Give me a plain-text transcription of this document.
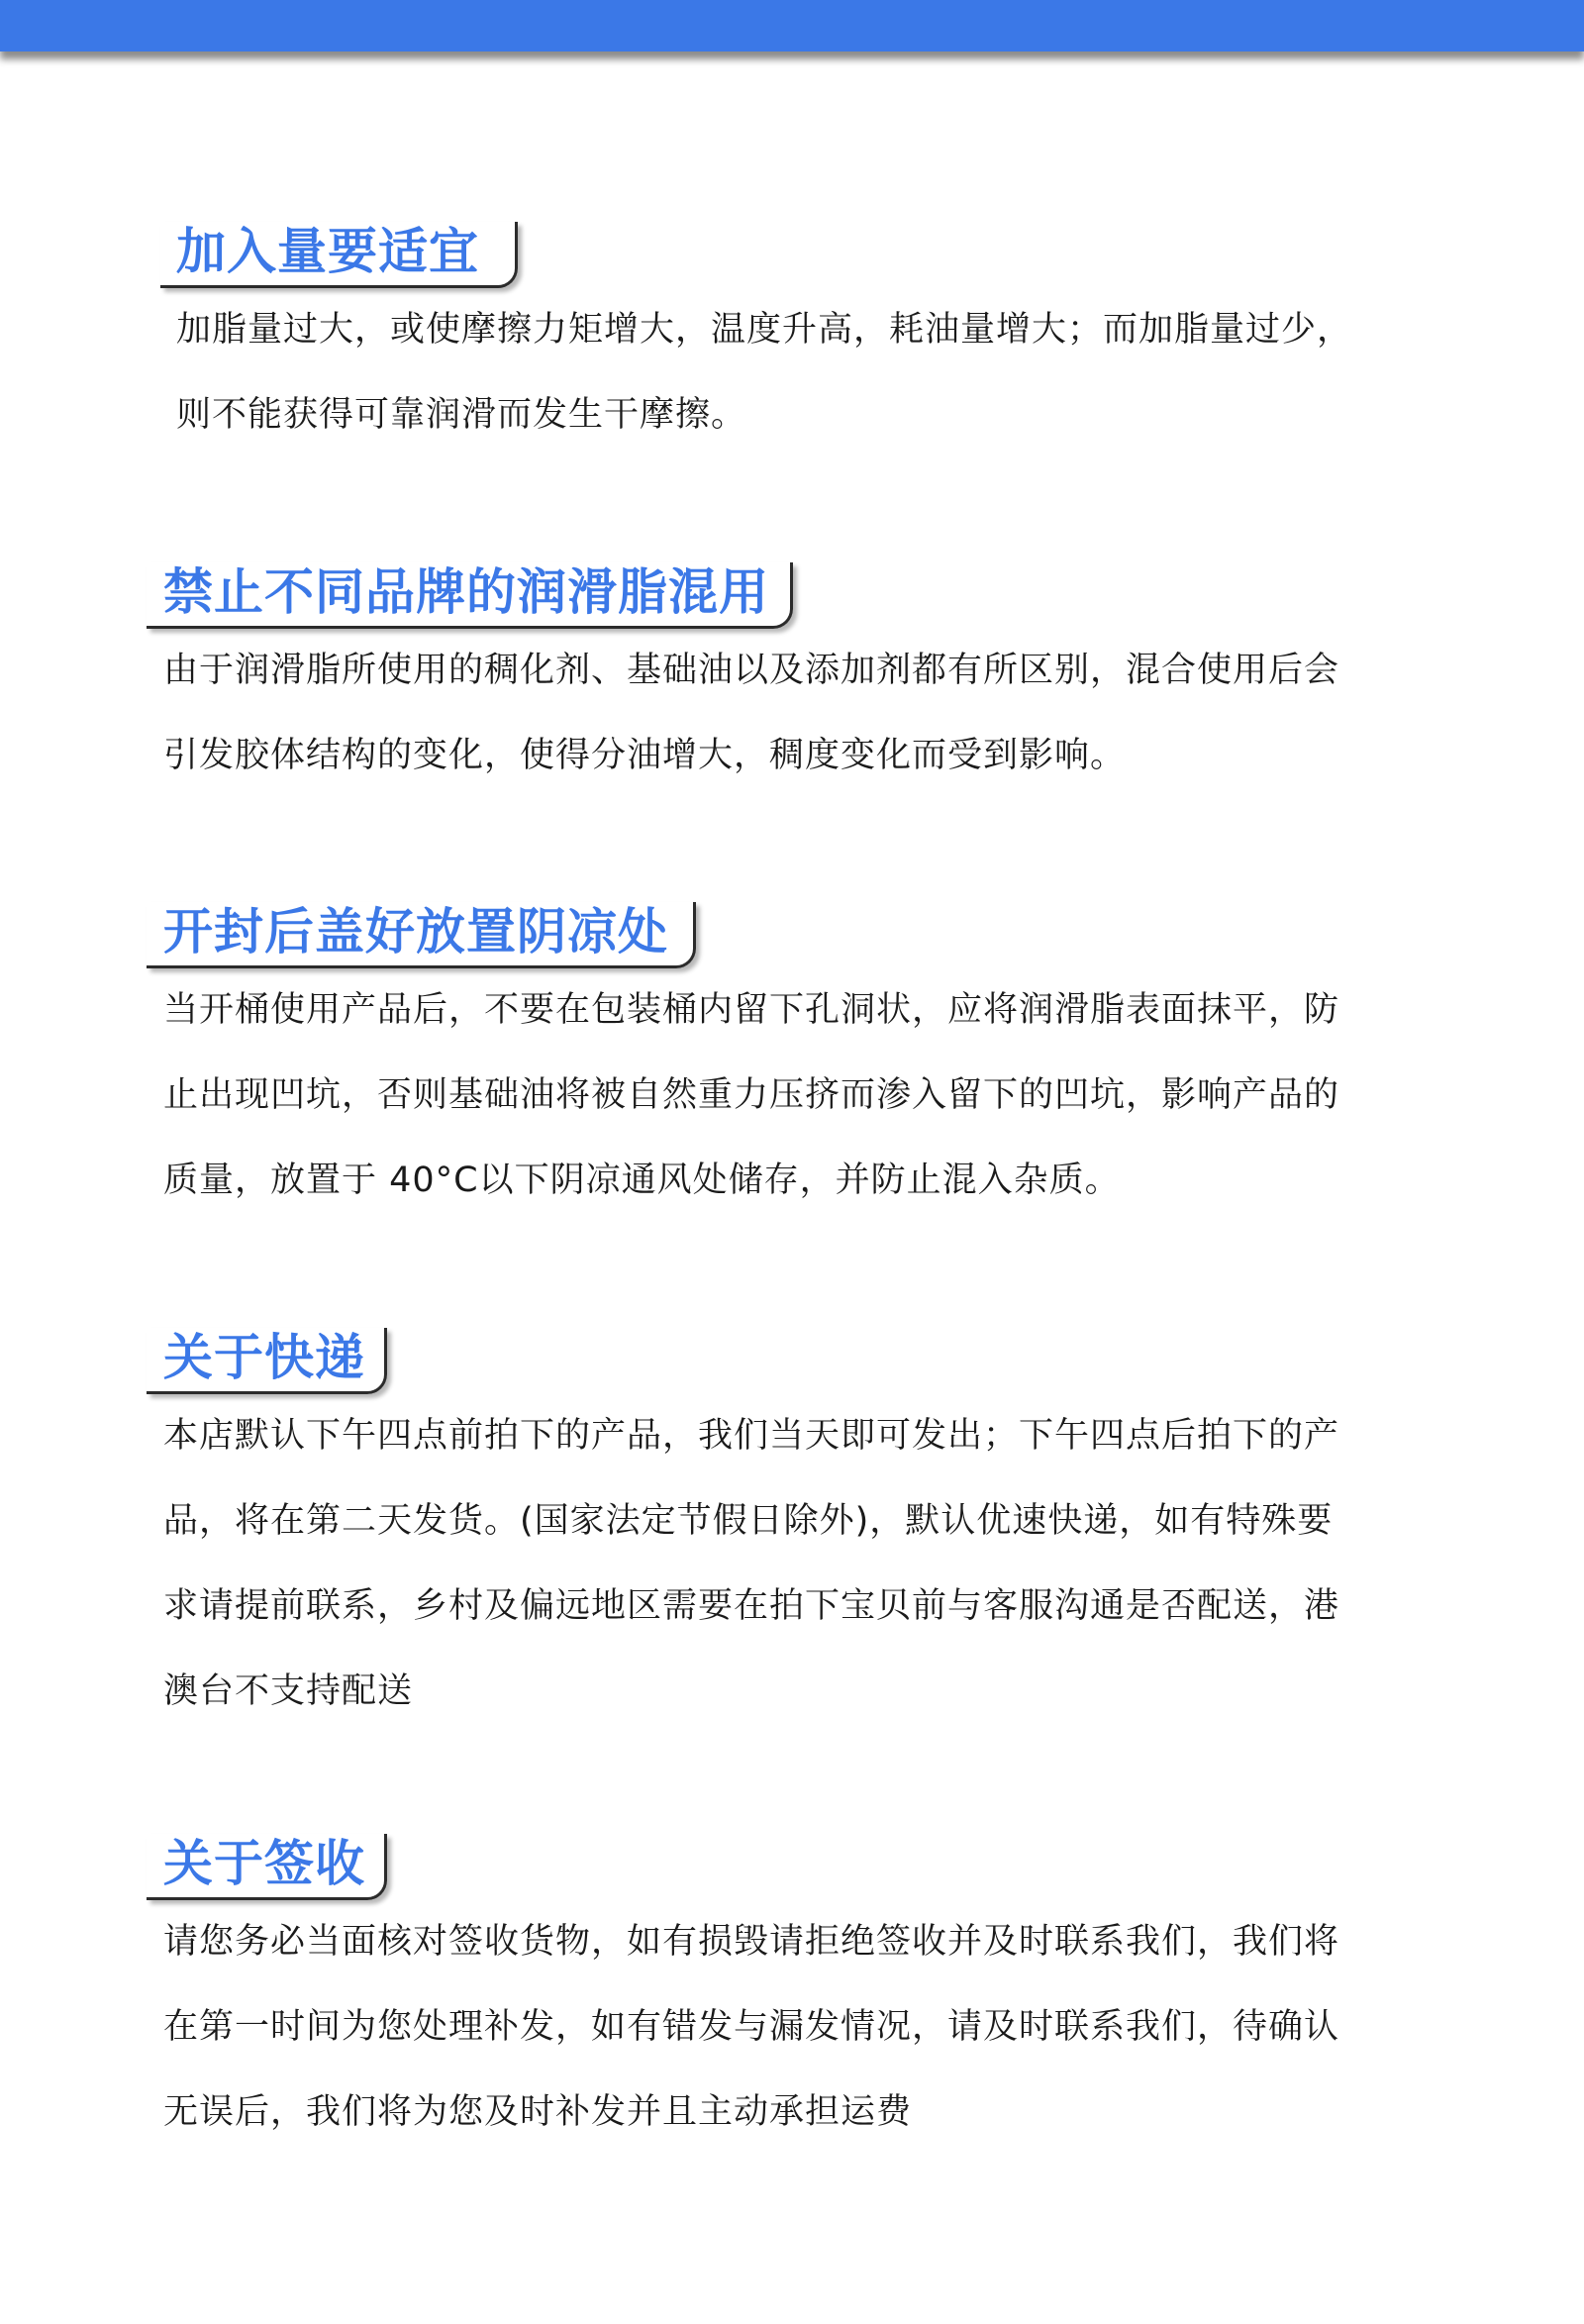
加入量要适宜

加脂量过大，或使摩擦力矩增大，温度升高，耗油量增大；而加脂量过少，

则不能获得可靠润滑而发生干摩擦。

禁止不同品牌的润滑脂混用

由于润滑脂所使用的稠化剂、基础油以及添加剂都有所区别，混合使用后会

引发胶体结构的变化，使得分油增大，稠度变化而受到影响。

开封后盖好放置阴凉处

当开桶使用产品后，不要在包装桶内留下孔洞状，应将润滑脂表面抹平，防

止出现凹坑，否则基础油将被自然重力压挤而渗入留下的凹坑，影响产品的

质量，放置于 40°C以下阴凉通风处储存，并防止混入杂质。

关于快递

本店默认下午四点前拍下的产品，我们当天即可发出；下午四点后拍下的产

品，将在第二天发货。(国家法定节假日除外)，默认优速快递，如有特殊要

求请提前联系，乡村及偏远地区需要在拍下宝贝前与客服沟通是否配送，港

澳台不支持配送

关于签收

请您务必当面核对签收货物，如有损毁请拒绝签收并及时联系我们，我们将

在第一时间为您处理补发，如有错发与漏发情况，请及时联系我们，待确认

无误后，我们将为您及时补发并且主动承担运费
